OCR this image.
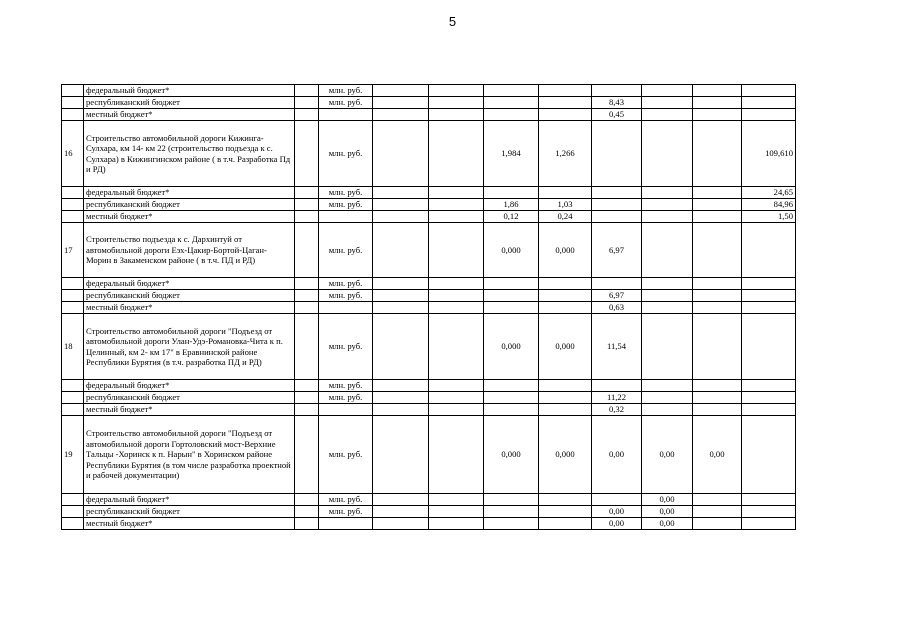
5
	федеральный бюджет*		млн. руб.								
	республиканский бюджет		млн. руб.					8,43			
	местный бюджет*							0,45			
16	Строительство автомобильной дороги Кижинга-Сулхара, км 14- км 22 (строительство подъезда к с. Сулхара) в Кижингинском районе ( в т.ч. Разработка Пд и РД)		млн. руб.			1,984	1,266				109,610
	федеральный бюджет*		млн. руб.								24,65
	республиканский бюджет		млн. руб.			1,86	1,03				84,96
	местный бюджет*					0,12	0,24				1,50
17	Строительство подъезда к с. Дархинтуй от автомобильной дороги Еэх-Цакир-Бортой-Цаган-Морин в Закаменском районе ( в т.ч. ПД и РД)		млн. руб.			0,000	0,000	6,97			
	федеральный бюджет*		млн. руб.								
	республиканский бюджет		млн. руб.					6,97			
	местный бюджет*							0,63			
18	Строительство автомобильной дороги "Подъезд от автомобильной дороги Улан-Удэ-Романовка-Чита к п. Целинный, км 2- км 17" в Еравнинской районе Республики Бурятия (в т.ч. разработка ПД и РД)		млн. руб.			0,000	0,000	11,54			
	федеральный бюджет*		млн. руб.								
	республиканский бюджет		млн. руб.					11,22			
	местный бюджет*							0,32			
19	Строительство автомобильной дороги "Подъезд от автомобильной дороги Гортоловский мост-Верхние Тальцы -Хоринск к п. Нарын" в Хоринском районе Республики Бурятия (в том числе разработка проектной и рабочей документации)		млн. руб.			0,000	0,000	0,00	0,00	0,00	
	федеральный бюджет*		млн. руб.						0,00		
	республиканский бюджет		млн. руб.					0,00	0,00		
	местный бюджет*							0,00	0,00		
